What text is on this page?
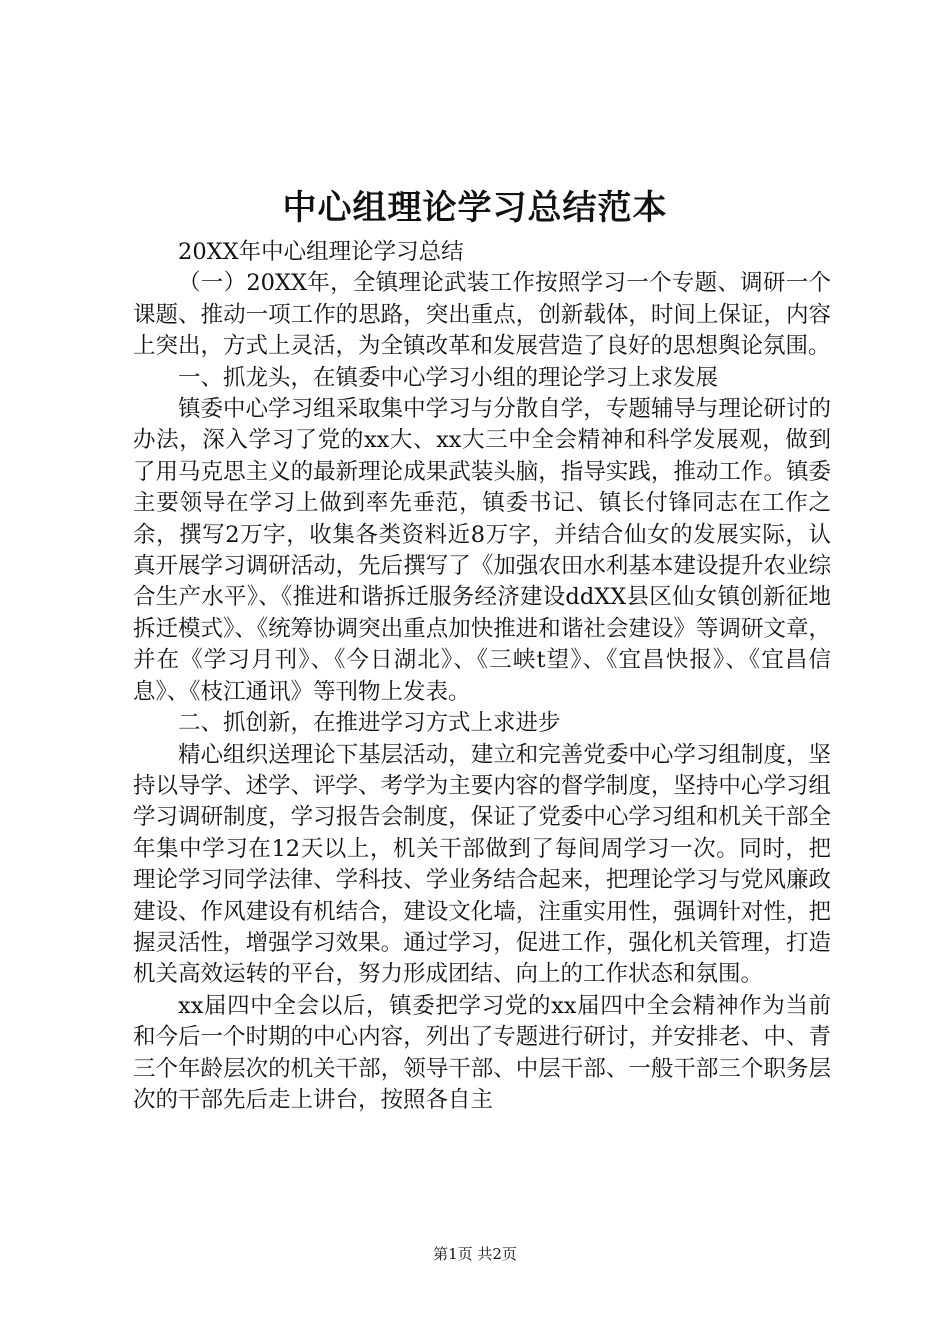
中心组理论学习总结范本

20XX年中心组理论学习总结

（一）20XX年，全镇理论武装工作按照学习一个专题、调研一个课题、推动一项工作的思路，突出重点，创新载体，时间上保证，内容上突出，方式上灵活，为全镇改革和发展营造了良好的思想舆论氛围。

一、抓龙头，在镇委中心学习小组的理论学习上求发展

镇委中心学习组采取集中学习与分散自学，专题辅导与理论研讨的办法，深入学习了党的xx大、xx大三中全会精神和科学发展观，做到了用马克思主义的最新理论成果武装头脑，指导实践，推动工作。镇委主要领导在学习上做到率先垂范，镇委书记、镇长付锋同志在工作之余，撰写2万字，收集各类资料近8万字，并结合仙女的发展实际，认真开展学习调研活动，先后撰写了《加强农田水利基本建设提升农业综合生产水平》、《推进和谐拆迁服务经济建设ddXX县区仙女镇创新征地拆迁模式》、《统筹协调突出重点加快推进和谐社会建设》等调研文章，并在《学习月刊》、《今日湖北》、《三峡t望》、《宜昌快报》、《宜昌信息》、《枝江通讯》等刊物上发表。

二、抓创新，在推进学习方式上求进步

精心组织送理论下基层活动，建立和完善党委中心学习组制度，坚持以导学、述学、评学、考学为主要内容的督学制度，坚持中心学习组学习调研制度，学习报告会制度，保证了党委中心学习组和机关干部全年集中学习在12天以上，机关干部做到了每间周学习一次。同时，把理论学习同学法律、学科技、学业务结合起来，把理论学习与党风廉政建设、作风建设有机结合，建设文化墙，注重实用性，强调针对性，把握灵活性，增强学习效果。通过学习，促进工作，强化机关管理，打造机关高效运转的平台，努力形成团结、向上的工作状态和氛围。

xx届四中全会以后，镇委把学习党的xx届四中全会精神作为当前和今后一个时期的中心内容，列出了专题进行研讨，并安排老、中、青三个年龄层次的机关干部，领导干部、中层干部、一般干部三个职务层次的干部先后走上讲台，按照各自主

第1页 共2页
